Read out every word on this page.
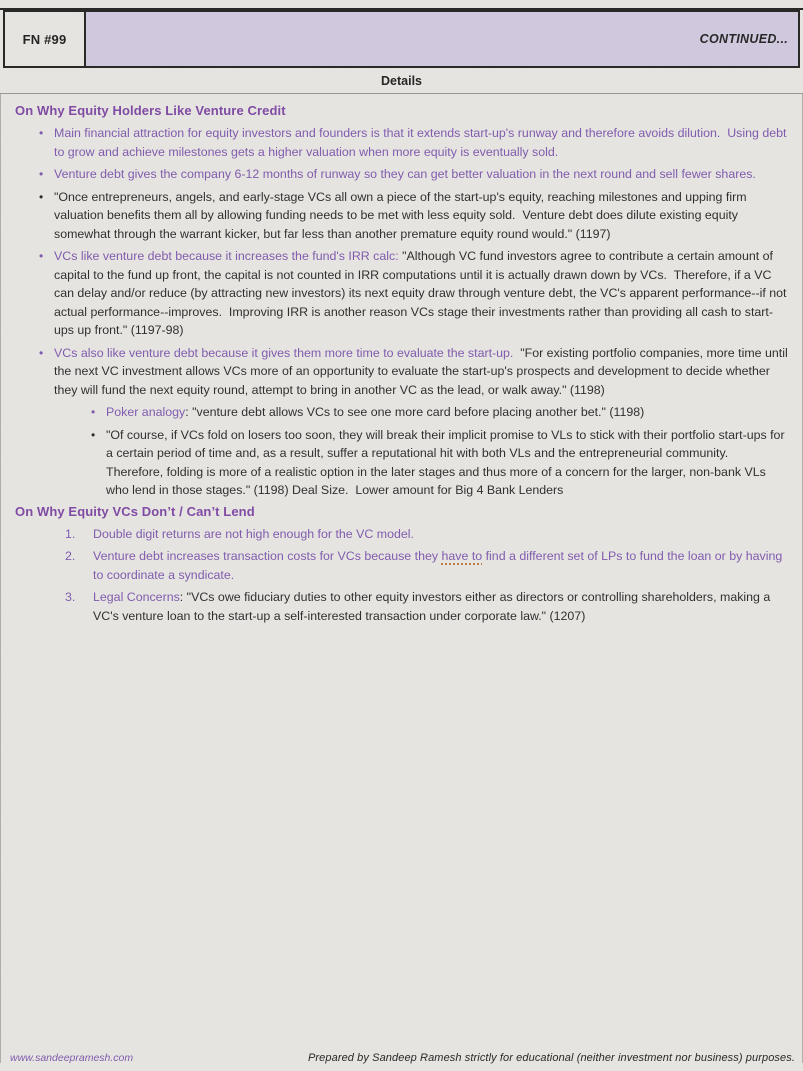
FN #99	CONTINUED...
Details
On Why Equity Holders Like Venture Credit
• Main financial attraction for equity investors and founders is that it extends start-up's runway and therefore avoids dilution.  Using debt to grow and achieve milestones gets a higher valuation when more equity is eventually sold.
• Venture debt gives the company 6-12 months of runway so they can get better valuation in the next round and sell fewer shares.
• "Once entrepreneurs, angels, and early-stage VCs all own a piece of the start-up's equity, reaching milestones and upping firm valuation benefits them all by allowing funding needs to be met with less equity sold.  Venture debt does dilute existing equity somewhat through the warrant kicker, but far less than another premature equity round would." (1197)
• VCs like venture debt because it increases the fund's IRR calc: "Although VC fund investors agree to contribute a certain amount of capital to the fund up front, the capital is not counted in IRR computations until it is actually drawn down by VCs.  Therefore, if a VC can delay and/or reduce (by attracting new investors) its next equity draw through venture debt, the VC's apparent performance--if not actual performance--improves.  Improving IRR is another reason VCs stage their investments rather than providing all cash to start-ups up front." (1197-98)
• VCs also like venture debt because it gives them more time to evaluate the start-up.  "For existing portfolio companies, more time until the next VC investment allows VCs more of an opportunity to evaluate the start-up's prospects and development to decide whether they will fund the next equity round, attempt to bring in another VC as the lead, or walk away." (1198)
• Poker analogy: "venture debt allows VCs to see one more card before placing another bet." (1198)
• "Of course, if VCs fold on losers too soon, they will break their implicit promise to VLs to stick with their portfolio start-ups for a certain period of time and, as a result, suffer a reputational hit with both VLs and the entrepreneurial community.  Therefore, folding is more of a realistic option in the later stages and thus more of a concern for the larger, non-bank VLs who lend in those stages." (1198) Deal Size.  Lower amount for Big 4 Bank Lenders
On Why Equity VCs Don’t / Can’t Lend
1.	Double digit returns are not high enough for the VC model.
2.	Venture debt increases transaction costs for VCs because they have to find a different set of LPs to fund the loan or by having to coordinate a syndicate.
3.	Legal Concerns: "VCs owe fiduciary duties to other equity investors either as directors or controlling shareholders, making a VC's venture loan to the start-up a self-interested transaction under corporate law." (1207)
www.sandeepramesh.com	Prepared by Sandeep Ramesh strictly for educational (neither investment nor business) purposes.
